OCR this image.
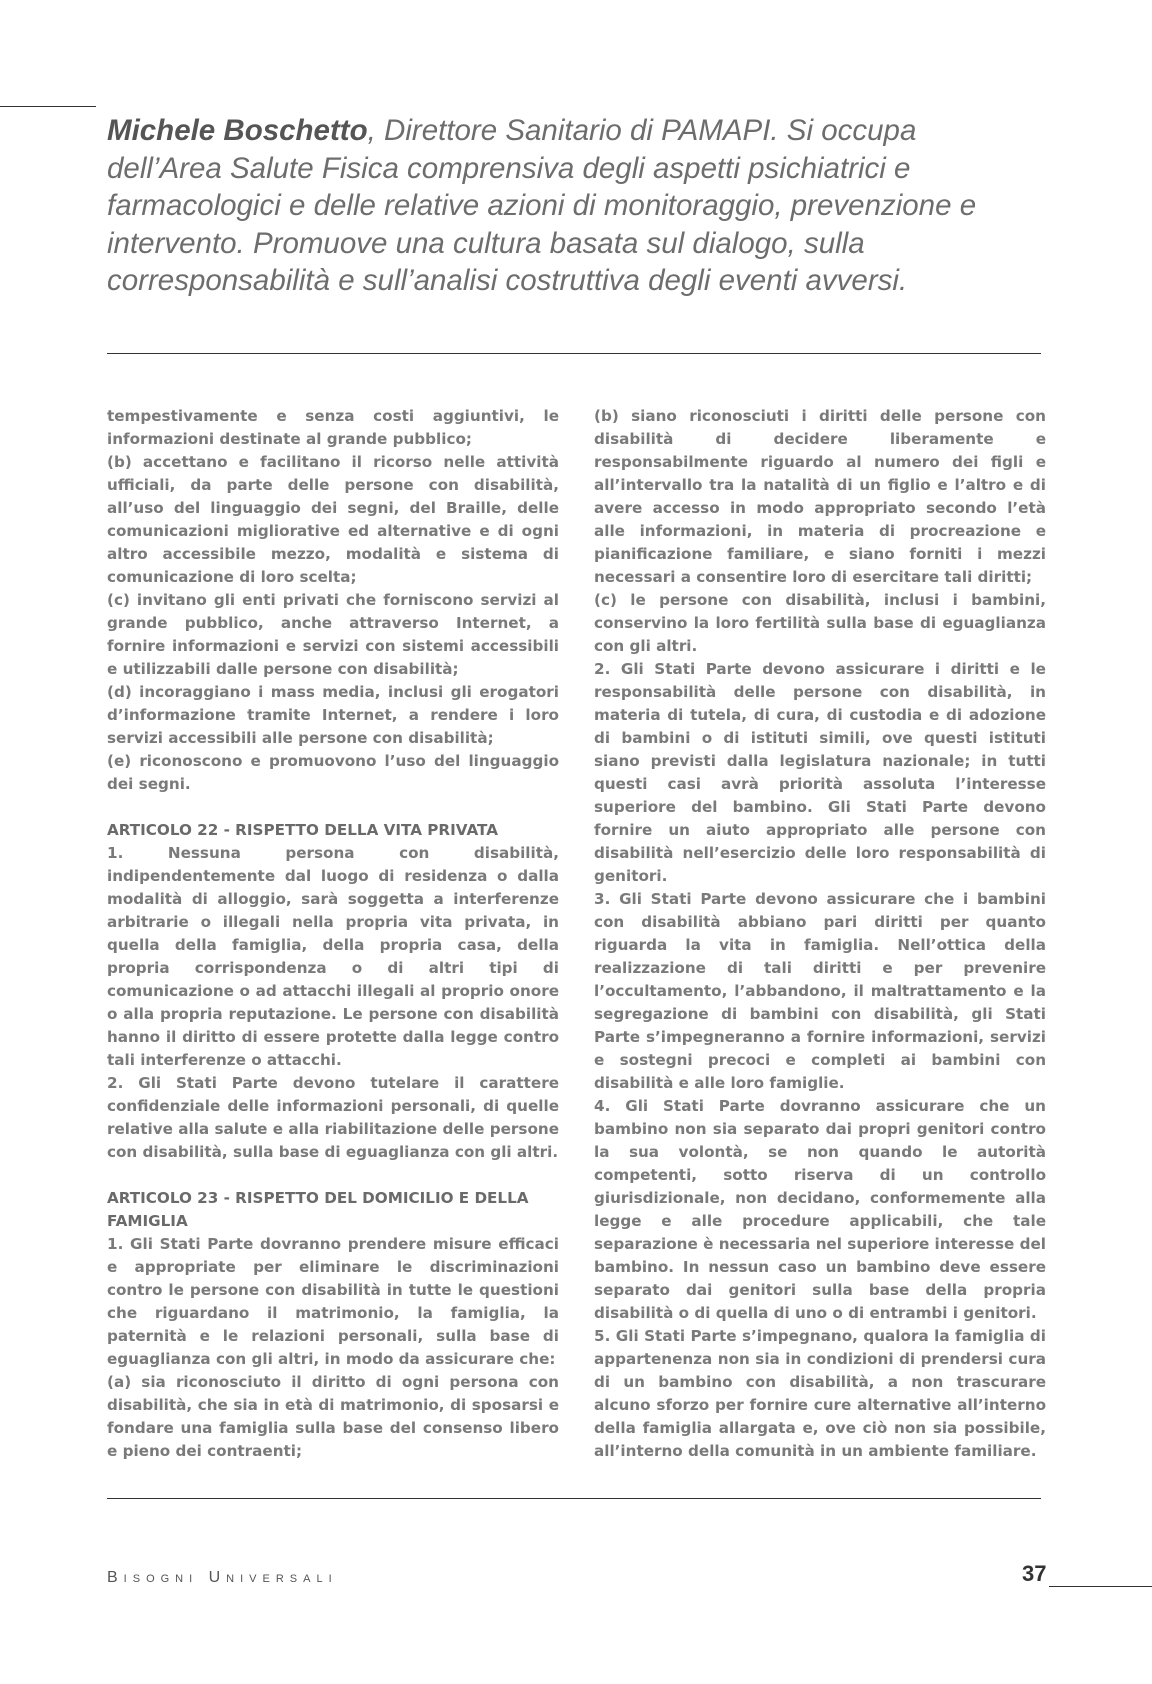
Michele Boschetto, Direttore Sanitario di PAMAPI. Si occupa dell’Area Salute Fisica comprensiva degli aspetti psichiatrici e farmacologici e delle relative azioni di monitoraggio, prevenzione e intervento. Promuove una cultura basata sul dialogo, sulla corresponsabilità e sull’analisi costruttiva degli eventi avversi.

tempestivamente e senza costi aggiuntivi, le informazioni destinate al grande pubblico;

(b) accettano e facilitano il ricorso nelle attività ufficiali, da parte delle persone con disabilità, all’uso del linguaggio dei segni, del Braille, delle comunicazioni migliorative ed alternative e di ogni altro accessibile mezzo, modalità e sistema di comunicazione di loro scelta;

(c) invitano gli enti privati che forniscono servizi al grande pubblico, anche attraverso Internet, a fornire informazioni e servizi con sistemi accessibili e utilizzabili dalle persone con disabilità;

(d) incoraggiano i mass media, inclusi gli erogatori d’informazione tramite Internet, a rendere i loro servizi accessibili alle persone con disabilità;

(e) riconoscono e promuovono l’uso del linguaggio dei segni.

ARTICOLO 22 - RISPETTO DELLA VITA PRIVATA

1. Nessuna persona con disabilità, indipendentemente dal luogo di residenza o dalla modalità di alloggio, sarà soggetta a interferenze arbitrarie o illegali nella propria vita privata, in quella della famiglia, della propria casa, della propria corrispondenza o di altri tipi di comunicazione o ad attacchi illegali al proprio onore o alla propria reputazione. Le persone con disabilità hanno il diritto di essere protette dalla legge contro tali interferenze o attacchi.

2. Gli Stati Parte devono tutelare il carattere confidenziale delle informazioni personali, di quelle relative alla salute e alla riabilitazione delle persone con disabilità, sulla base di eguaglianza con gli altri.

ARTICOLO 23 - RISPETTO DEL DOMICILIO E DELLA FAMIGLIA

1. Gli Stati Parte dovranno prendere misure efficaci e appropriate per eliminare le discriminazioni contro le persone con disabilità in tutte le questioni che riguardano il matrimonio, la famiglia, la paternità e le relazioni personali, sulla base di eguaglianza con gli altri, in modo da assicurare che:

(a) sia riconosciuto il diritto di ogni persona con disabilità, che sia in età di matrimonio, di sposarsi e fondare una famiglia sulla base del consenso libero e pieno dei contraenti;

(b) siano riconosciuti i diritti delle persone con disabilità di decidere liberamente e responsabilmente riguardo al numero dei figli e all’intervallo tra la natalità di un figlio e l’altro e di avere accesso in modo appropriato secondo l’età alle informazioni, in materia di procreazione e pianificazione familiare, e siano forniti i mezzi necessari a consentire loro di esercitare tali diritti;

(c) le persone con disabilità, inclusi i bambini, conservino la loro fertilità sulla base di eguaglianza con gli altri.

2. Gli Stati Parte devono assicurare i diritti e le responsabilità delle persone con disabilità, in materia di tutela, di cura, di custodia e di adozione di bambini o di istituti simili, ove questi istituti siano previsti dalla legislatura nazionale; in tutti questi casi avrà priorità assoluta l’interesse superiore del bambino. Gli Stati Parte devono fornire un aiuto appropriato alle persone con disabilità nell’esercizio delle loro responsabilità di genitori.

3. Gli Stati Parte devono assicurare che i bambini con disabilità abbiano pari diritti per quanto riguarda la vita in famiglia. Nell’ottica della realizzazione di tali diritti e per prevenire l’occultamento, l’abbandono, il maltrattamento e la segregazione di bambini con disabilità, gli Stati Parte s’impegneranno a fornire informazioni, servizi e sostegni precoci e completi ai bambini con disabilità e alle loro famiglie.

4. Gli Stati Parte dovranno assicurare che un bambino non sia separato dai propri genitori contro la sua volontà, se non quando le autorità competenti, sotto riserva di un controllo giurisdizionale, non decidano, conformemente alla legge e alle procedure applicabili, che tale separazione è necessaria nel superiore interesse del bambino. In nessun caso un bambino deve essere separato dai genitori sulla base della propria disabilità o di quella di uno o di entrambi i genitori.

5. Gli Stati Parte s’impegnano, qualora la famiglia di appartenenza non sia in condizioni di prendersi cura di un bambino con disabilità, a non trascurare alcuno sforzo per fornire cure alternative all’interno della famiglia allargata e, ove ciò non sia possibile, all’interno della comunità in un ambiente familiare.

Bisogni Universali	37
